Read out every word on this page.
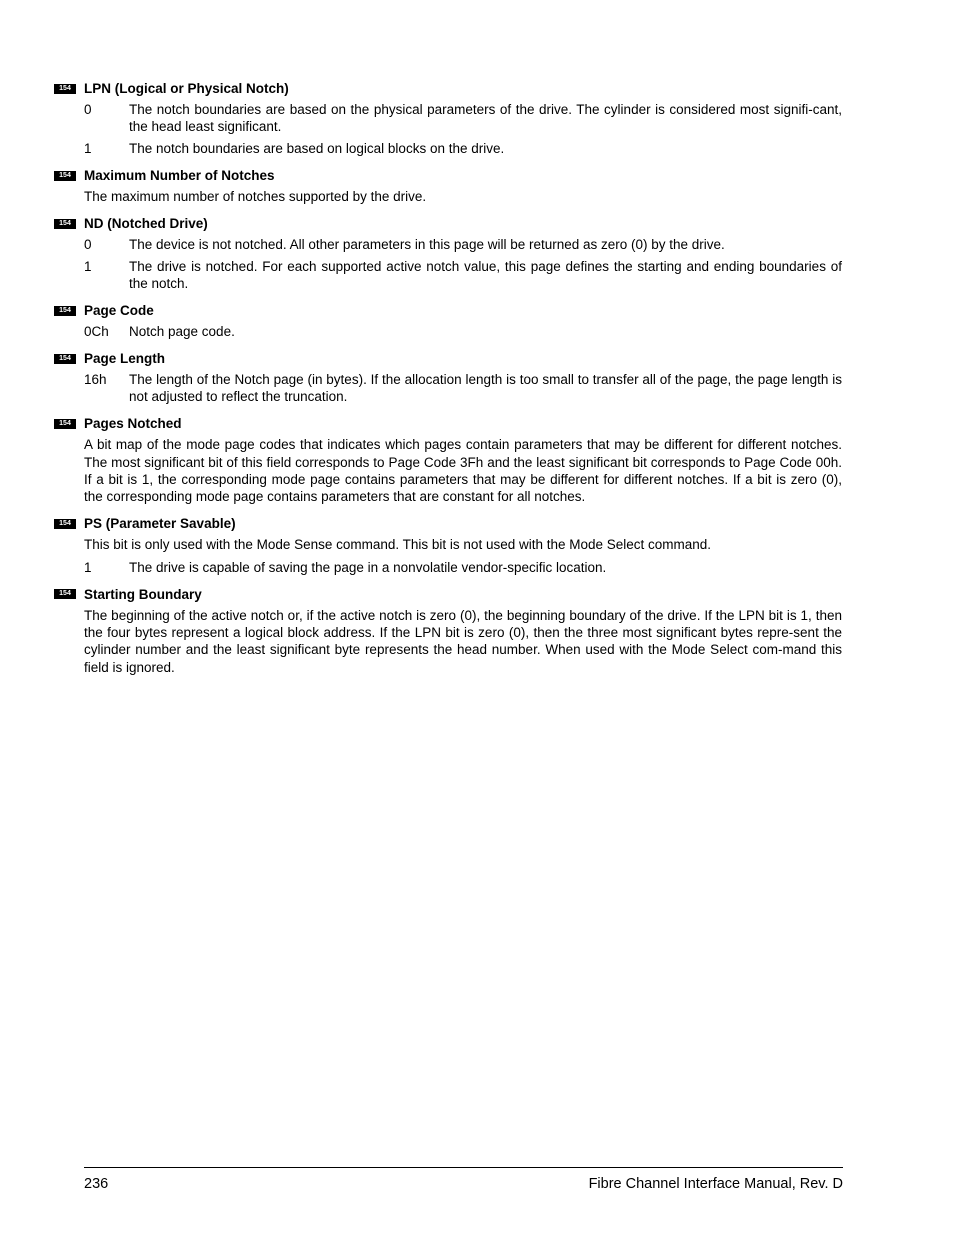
154 LPN (Logical or Physical Notch)
0	The notch boundaries are based on the physical parameters of the drive. The cylinder is considered most signifi-cant, the head least significant.
1	The notch boundaries are based on logical blocks on the drive.
154 Maximum Number of Notches
The maximum number of notches supported by the drive.
154 ND (Notched Drive)
0	The device is not notched. All other parameters in this page will be returned as zero (0) by the drive.
1	The drive is notched. For each supported active notch value, this page defines the starting and ending boundaries of the notch.
154 Page Code
0Ch	Notch page code.
154 Page Length
16h	The length of the Notch page (in bytes). If the allocation length is too small to transfer all of the page, the page length is not adjusted to reflect the truncation.
154 Pages Notched
A bit map of the mode page codes that indicates which pages contain parameters that may be different for different notches. The most significant bit of this field corresponds to Page Code 3Fh and the least significant bit corresponds to Page Code 00h. If a bit is 1, the corresponding mode page contains parameters that may be different for different notches. If a bit is zero (0), the corresponding mode page contains parameters that are constant for all notches.
154 PS (Parameter Savable)
This bit is only used with the Mode Sense command. This bit is not used with the Mode Select command.
1	The drive is capable of saving the page in a nonvolatile vendor-specific location.
154 Starting Boundary
The beginning of the active notch or, if the active notch is zero (0), the beginning boundary of the drive. If the LPN bit is 1, then the four bytes represent a logical block address. If the LPN bit is zero (0), then the three most significant bytes repre-sent the cylinder number and the least significant byte represents the head number. When used with the Mode Select com-mand this field is ignored.
236	Fibre Channel Interface Manual, Rev. D
